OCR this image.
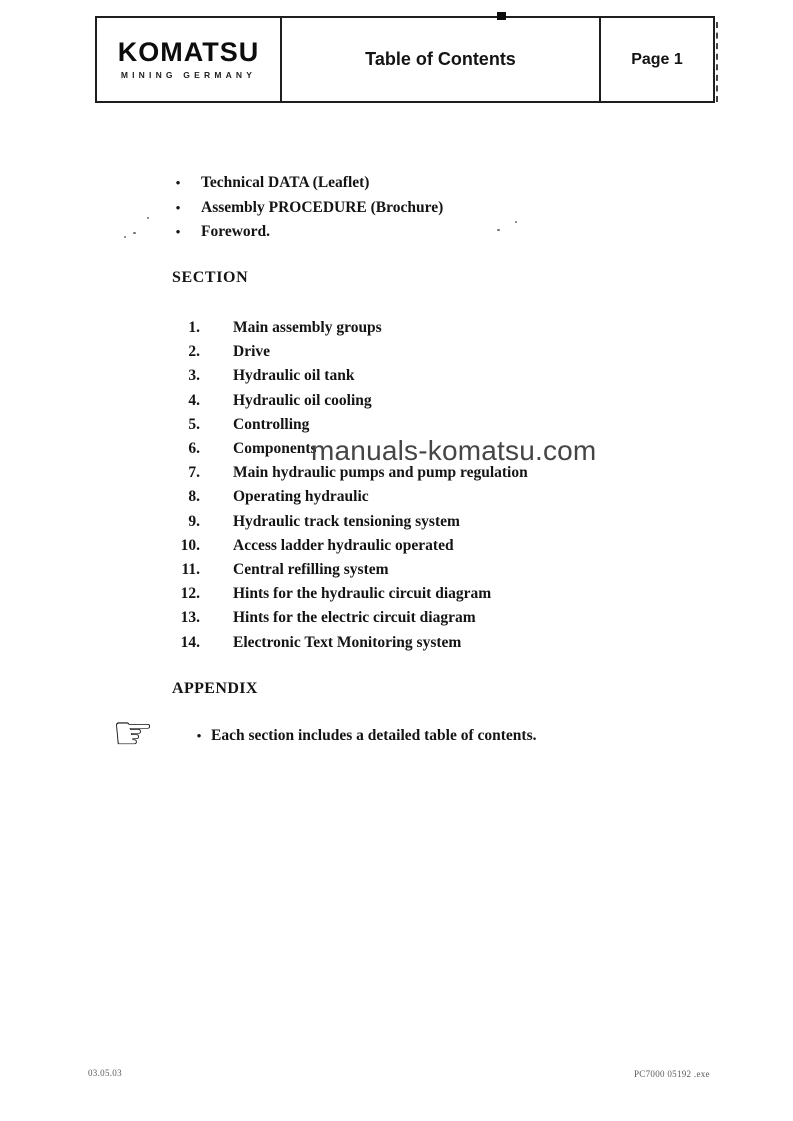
KOMATSU
MINING GERMANY
Table of Contents	Page 1
• Technical DATA (Leaflet)
• Assembly PROCEDURE (Brochure)
• Foreword.
SECTION
1. Main assembly groups
2. Drive
3. Hydraulic oil tank
4. Hydraulic oil cooling
5. Controlling
6. Components
7. Main hydraulic pumps and pump regulation
8. Operating hydraulic
9. Hydraulic track tensioning system
10. Access ladder hydraulic operated
11. Central refilling system
12. Hints for the hydraulic circuit diagram
13. Hints for the electric circuit diagram
14. Electronic Text Monitoring system
APPENDIX
☞	• Each section includes a detailed table of contents.
manuals-komatsu.com
03.05.03	PC7000 05192 .exe
